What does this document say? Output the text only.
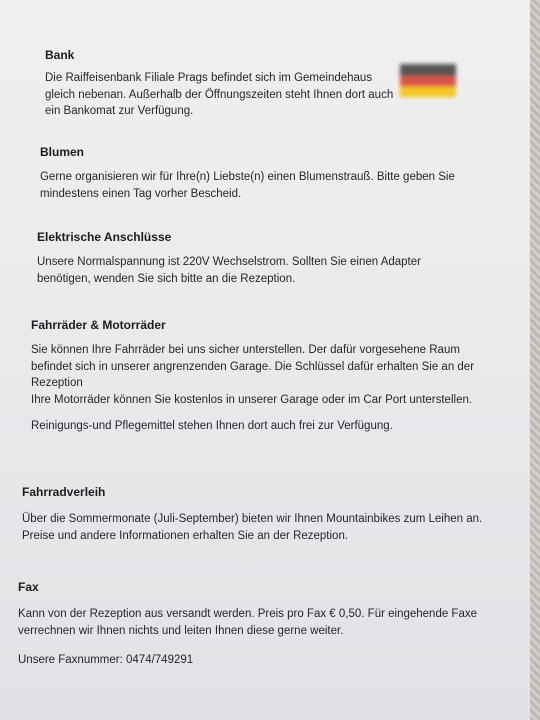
Bank

Die Raiffeisenbank Filiale Prags befindet sich im Gemeindehaus gleich nebenan. Außerhalb der Öffnungszeiten steht Ihnen dort auch ein Bankomat zur Verfügung.

Blumen

Gerne organisieren wir für Ihre(n) Liebste(n) einen Blumenstrauß. Bitte geben Sie mindestens einen Tag vorher Bescheid.

Elektrische Anschlüsse

Unsere Normalspannung ist 220V Wechselstrom. Sollten Sie einen Adapter benötigen, wenden Sie sich bitte an die Rezeption.

Fahrräder & Motorräder

Sie können Ihre Fahrräder bei uns sicher unterstellen. Der dafür vorgesehene Raum befindet sich in unserer angrenzenden Garage. Die Schlüssel dafür erhalten Sie an der Rezeption

Ihre Motorräder können Sie kostenlos in unserer Garage oder im Car Port unterstellen.

Reinigungs-und Pflegemittel stehen Ihnen dort auch frei zur Verfügung.

Fahrradverleih

Über die Sommermonate (Juli-September) bieten wir Ihnen Mountainbikes zum Leihen an. Preise und andere Informationen erhalten Sie an der Rezeption.

Fax

Kann von der Rezeption aus versandt werden. Preis pro Fax € 0,50. Für eingehende Faxe verrechnen wir Ihnen nichts und leiten Ihnen diese gerne weiter.

Unsere Faxnummer: 0474/749291
